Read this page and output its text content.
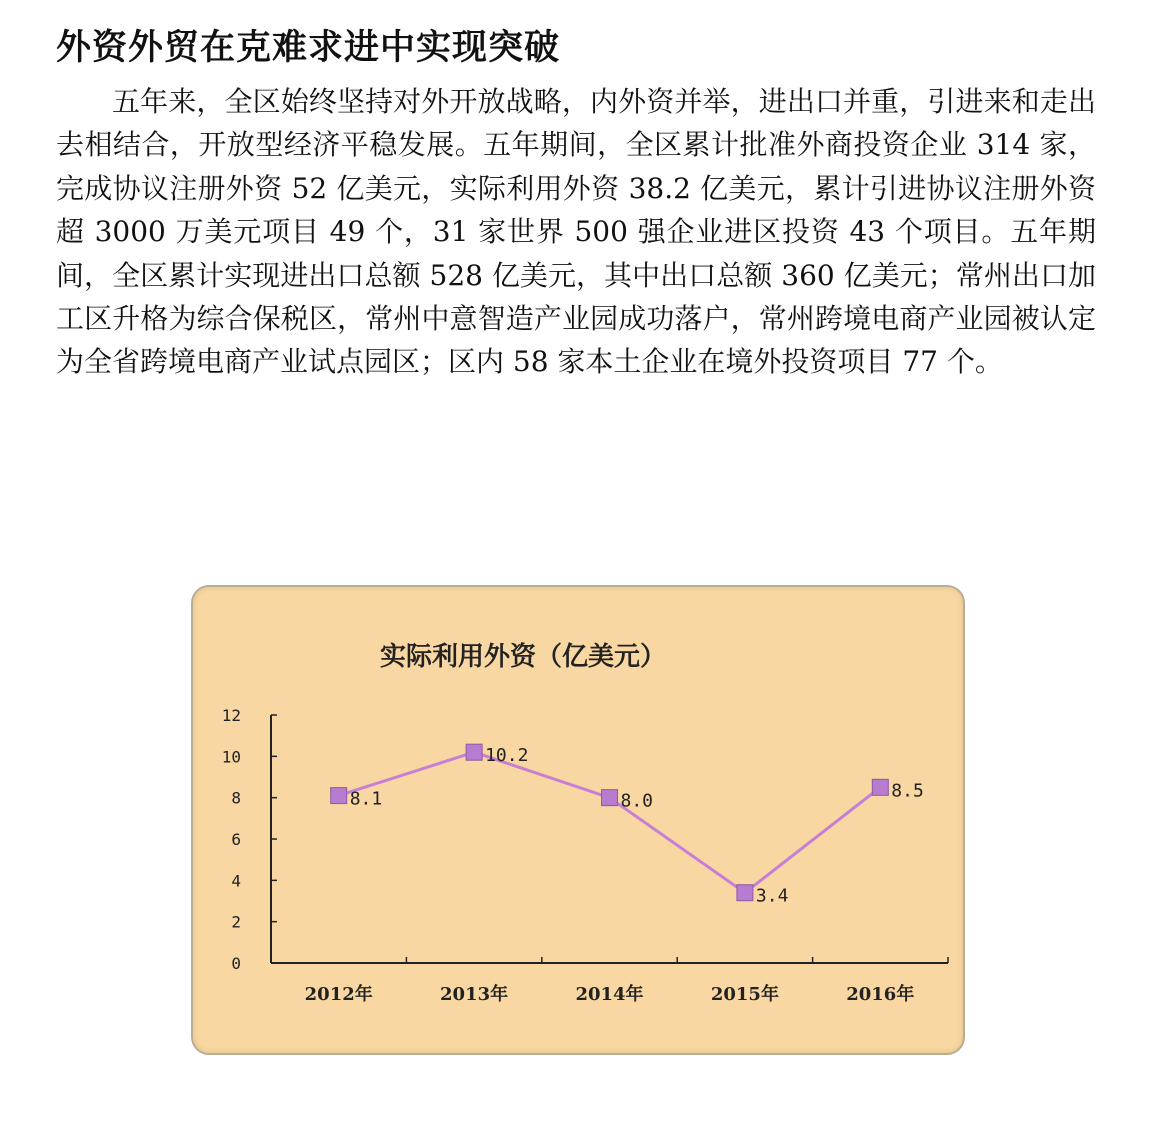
外资外贸在克难求进中实现突破

五年来，全区始终坚持对外开放战略，内外资并举，进出口并重，引进来和走出去相结合，开放型经济平稳发展。五年期间，全区累计批准外商投资企业 314 家，完成协议注册外资 52 亿美元，实际利用外资 38.2 亿美元，累计引进协议注册外资超 3000 万美元项目 49 个，31 家世界 500 强企业进区投资 43 个项目。五年期间，全区累计实现进出口总额 528 亿美元，其中出口总额 360 亿美元；常州出口加工区升格为综合保税区，常州中意智造产业园成功落户，常州跨境电商产业园被认定为全省跨境电商产业试点园区；区内 58 家本土企业在境外投资项目 77 个。

实际利用外资（亿美元）
0
2
4
6
8
10
12
2012年	2013年	2014年	2015年	2016年
8.1
10.2
8.0
3.4
8.5
